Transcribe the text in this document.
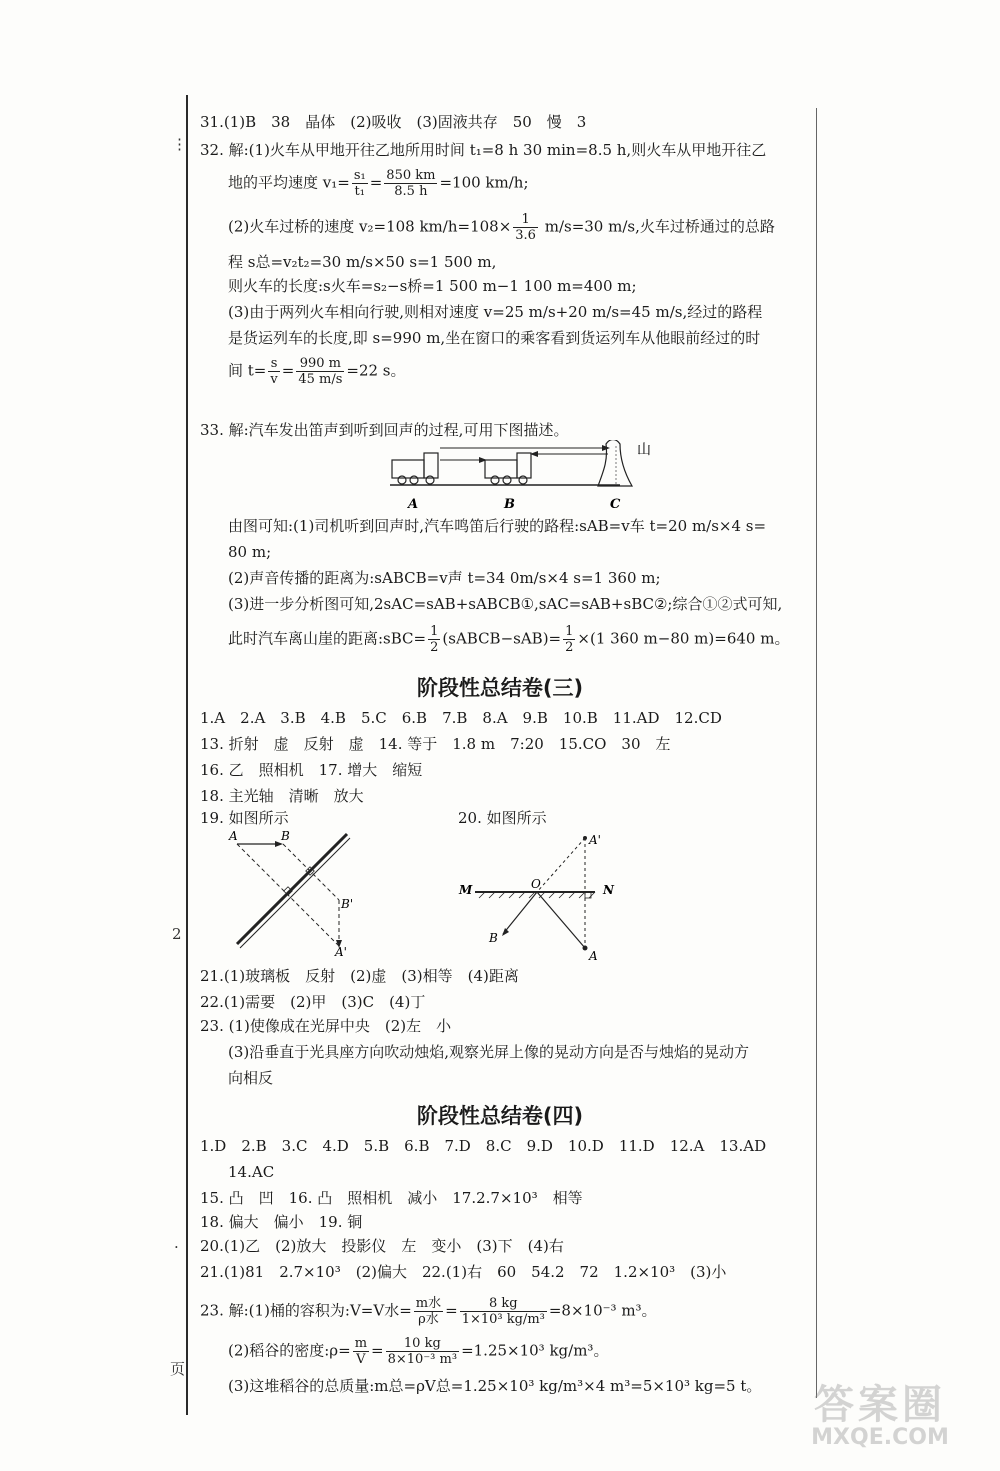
⋮
2
·
页
31.(1)B　38　晶体　(2)吸收　(3)固液共存　50　慢　3
32. 解:(1)火车从甲地开往乙地所用时间 t₁=8 h 30 min=8.5 h,则火车从甲地开往乙
地的平均速度 $v_1= \frac{\text{s₁}}{\text{t₁}} = \frac{850 km}{8.5 h} =100$ km/h;
(2)火车过桥的速度 v₂=108 $km/h=108\times \frac{1}{3.6} m/s=30$ m/s,火车过桥通过的总路
程 s总=v₂t₂=30 m/s×50 s=1 500 m,
则火车的长度:s火车=s₂−s桥=1 500 m−1 100 m=400 m;
(3)由于两列火车相向行驶,则相对速度 v=25 m/s+20 m/s=45 m/s,经过的路程
是货运列车的长度,即 s=990 m,坐在窗口的乘客看到货运列车从他眼前经过的时
间 $t= \frac{s}{v} = \frac{990 m}{45 m/s} =22$ s。
33. 解:汽车发出笛声到听到回声的过程,可用下图描述。
山
A	B	C
由图可知:(1)司机听到回声时,汽车鸣笛后行驶的路程:sAB=v车 t=20 m/s×4 s=
80 m;
(2)声音传播的距离为:sABCB=v声 t=34 0m/s×4 s=1 360 m;
(3)进一步分析图可知,2sAC=sAB+sABCB①,sAC=sAB+sBC②;综合①②式可知,
此时汽车离山崖的距离:sBC= $\frac{1}{2}$ (sABCB−sAB)= $\frac{1}{2} \times(1$ 360 m−80 m)=640 m。
阶段性总结卷(三)
1.A　2.A　3.B　4.B　5.C　6.B　7.B　8.A　9.B　10.B　11.AD　12.CD
13. 折射　虚　反射　虚　14. 等于　1.8 m　7:20　15.CO　30　左
16. 乙　照相机　17. 增大　缩短
18. 主光轴　清晰　放大
19. 如图所示	20. 如图所示
A	B
B'
A'
A'
M	O	N
B
A
21.(1)玻璃板　反射　(2)虚　(3)相等　(4)距离
22.(1)需要　(2)甲　(3)C　(4)丁
23. (1)使像成在光屏中央　(2)左　小
(3)沿垂直于光具座方向吹动烛焰,观察光屏上像的晃动方向是否与烛焰的晃动方
向相反
阶段性总结卷(四)
1.D　2.B　3.C　4.D　5.B　6.B　7.D　8.C　9.D　10.D　11.D　12.A　13.AD
14.AC
15. 凸　凹　16. 凸　照相机　减小　17.2.7×10³　相等
18. 偏大　偏小　19. 铜
20.(1)乙　(2)放大　投影仪　左　变小　(3)下　(4)右
21.(1)81　2.7×10³　(2)偏大　22.(1)右　60　54.2　72　1.2×10³　(3)小
23. 解:(1)桶的容积为:V=V水= $\frac{\text{m水}}{\text{ρ水}} = \frac{8 kg}{\text{1×10³ kg/m³}} =8\times 10^{-3}$ m³。
(2)稻谷的密度:ρ= $\frac{m}{V} = \frac{10 kg}{\text{8×10⁻³ m³}} =1.25\times 10^3$ kg/m³。
(3)这堆稻谷的总质量:m总=ρV总=1.25×10³ kg/m³×4 m³=5×10³ kg=5 t。	答案圈
MXQE.COM
